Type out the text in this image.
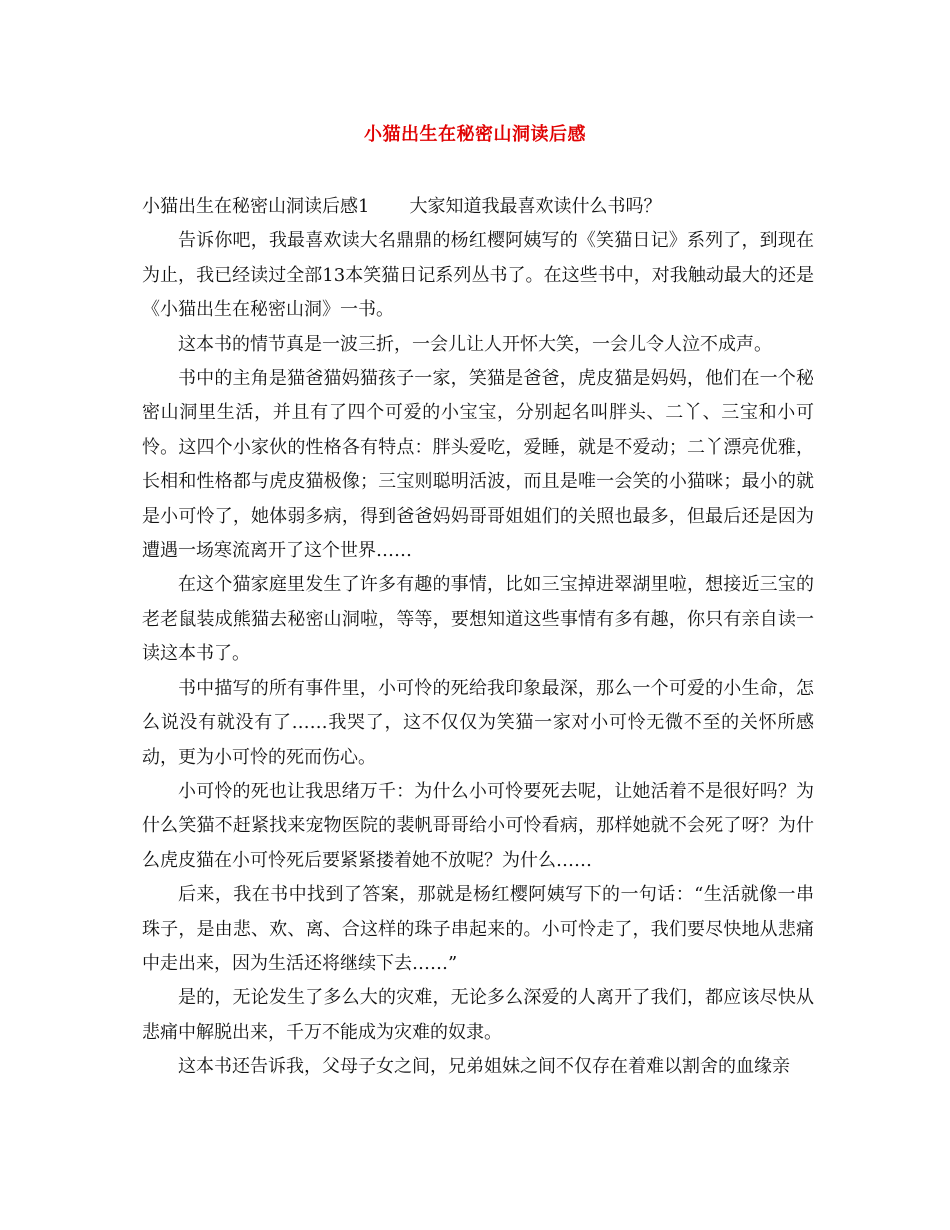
小猫出生在秘密山洞读后感

小猫出生在秘密山洞读后感1 大家知道我最喜欢读什么书吗？

告诉你吧，我最喜欢读大名鼎鼎的杨红樱阿姨写的《笑猫日记》系列了，到现在为止，我已经读过全部13本笑猫日记系列丛书了。在这些书中，对我触动最大的还是《小猫出生在秘密山洞》一书。

这本书的情节真是一波三折，一会儿让人开怀大笑，一会儿令人泣不成声。

书中的主角是猫爸猫妈猫孩子一家，笑猫是爸爸，虎皮猫是妈妈，他们在一个秘密山洞里生活，并且有了四个可爱的小宝宝，分别起名叫胖头、二丫、三宝和小可怜。这四个小家伙的性格各有特点：胖头爱吃，爱睡，就是不爱动；二丫漂亮优雅，长相和性格都与虎皮猫极像；三宝则聪明活波，而且是唯一会笑的小猫咪；最小的就是小可怜了，她体弱多病，得到爸爸妈妈哥哥姐姐们的关照也最多，但最后还是因为遭遇一场寒流离开了这个世界……

在这个猫家庭里发生了许多有趣的事情，比如三宝掉进翠湖里啦，想接近三宝的老老鼠装成熊猫去秘密山洞啦，等等，要想知道这些事情有多有趣，你只有亲自读一读这本书了。

书中描写的所有事件里，小可怜的死给我印象最深，那么一个可爱的小生命，怎么说没有就没有了……我哭了，这不仅仅为笑猫一家对小可怜无微不至的关怀所感动，更为小可怜的死而伤心。

小可怜的死也让我思绪万千：为什么小可怜要死去呢，让她活着不是很好吗？为什么笑猫不赶紧找来宠物医院的裴帆哥哥给小可怜看病，那样她就不会死了呀？为什么虎皮猫在小可怜死后要紧紧搂着她不放呢？为什么……

后来，我在书中找到了答案，那就是杨红樱阿姨写下的一句话：“生活就像一串珠子，是由悲、欢、离、合这样的珠子串起来的。小可怜走了，我们要尽快地从悲痛中走出来，因为生活还将继续下去……”

是的，无论发生了多么大的灾难，无论多么深爱的人离开了我们，都应该尽快从悲痛中解脱出来，千万不能成为灾难的奴隶。

这本书还告诉我，父母子女之间，兄弟姐妹之间不仅存在着难以割舍的血缘亲
